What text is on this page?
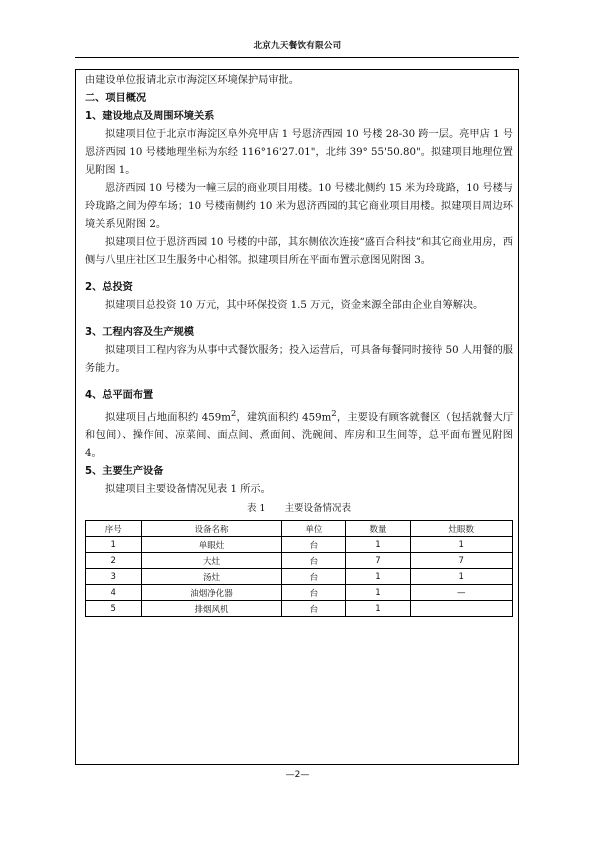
北京九天餐饮有限公司

由建设单位报请北京市海淀区环境保护局审批。

二、项目概况

1、建设地点及周围环境关系

拟建项目位于北京市海淀区阜外亮甲店 1 号恩济西园 10 号楼 28-30 跨一层。亮甲店 1 号恩济西园 10 号楼地理坐标为东经 116°16'27.01"，北纬 39° 55'50.80"。拟建项目地理位置见附图 1。

恩济西园 10 号楼为一幢三层的商业项目用楼。10 号楼北侧约 15 米为玲珑路，10 号楼与玲珑路之间为停车场；10 号楼南侧约 10 米为恩济西园的其它商业项目用楼。拟建项目周边环境关系见附图 2。

拟建项目位于恩济西园 10 号楼的中部，其东侧依次连接“盛百合科技”和其它商业用房，西侧与八里庄社区卫生服务中心相邻。拟建项目所在平面布置示意图见附图 3。

2、总投资

拟建项目总投资 10 万元，其中环保投资 1.5 万元，资金来源全部由企业自筹解决。

3、工程内容及生产规模

拟建项目工程内容为从事中式餐饮服务；投入运营后，可具备每餐同时接待 50 人用餐的服务能力。

4、总平面布置

拟建项目占地面积约 $459m^2$，建筑面积约 $459m^2$，主要设有顾客就餐区（包括就餐大厅和包间）、操作间、凉菜间、面点间、煮面间、洗碗间、库房和卫生间等，总平面布置见附图 4。

5、主要生产设备

拟建项目主要设备情况见表 1 所示。

表 1　　主要设备情况表

序号	设备名称	单位	数量	灶眼数
1	单眼灶	台	1	1
2	大灶	台	7	7
3	汤灶	台	1	1
4	油烟净化器	台	1	—
5	排烟风机	台	1	
—2—
